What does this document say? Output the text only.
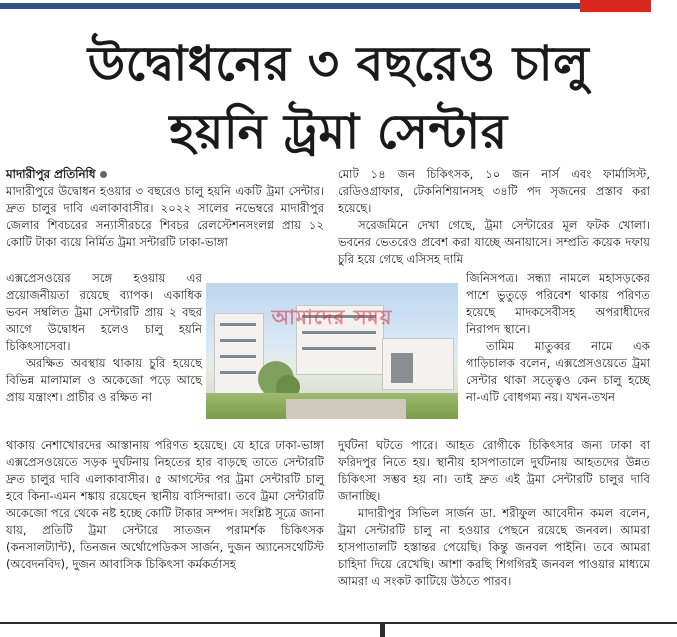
উদ্বোধনের ৩ বছরেও চালু
হয়নি ট্রমা সেন্টার

মাদারীপুর প্রতিনিধি

মাদারীপুরে উদ্বোধন হওয়ার ৩ বছরেও চালু হয়নি একটি ট্রমা সেন্টার। দ্রুত চালুর দাবি এলাকাবাসীর। ২০২২ সালের নভেম্বরে মাদারীপুর জেলার শিবচরের সন্যাসীরচরে শিবচর রেলস্টেশনসংলগ্ন প্রায় ১২ কোটি টাকা ব্যয়ে নির্মিত ট্রমা সন্টারটি ঢাকা-ভাঙ্গা

এক্সপ্রেসওয়ের সঙ্গে হওয়ায় এর প্রয়োজনীয়তা রয়েছে ব্যাপক। একাধিক ভবন সম্বলিত ট্রমা সেন্টারটি প্রায় ২ বছর আগে উদ্বোধন হলেও চালু হয়নি চিকিৎসাসেবা।

অরক্ষিত অবস্থায় থাকায় চুরি হয়েছে বিভিন্ন মালামাল ও অকেজো পড়ে আছে প্রায় যন্ত্রাংশ। প্রাচীর ও রক্ষিত না

মোট ১৪ জন চিকিৎসক, ১০ জন নার্স এবং ফার্মাসিস্ট, রেডিওগ্রাফার, টেকনিশিয়ানসহ ৩৪টি পদ সৃজনের প্রস্তাব করা হয়েছে।

সরেজমিনে দেখা গেছে, ট্রমা সেন্টারের মূল ফটক খোলা। ভবনের ভেতরেও প্রবেশ করা যাচ্ছে অনায়াসে। সম্প্রতি কয়েক দফায় চুরি হয়ে গেছে এসিসহ দামি

জিনিসপত্র। সন্ধ্যা নামলে মহাসড়কের পাশে ভুতুড়ে পরিবেশ থাকায় পরিণত হয়েছে মাদকসেবীসহ অপরাধীদের নিরাপদ স্থানে।

তামিম মাতুব্বর নামে এক গাড়িচালক বলেন, এক্সপ্রেসওয়েতে ট্রমা সেন্টার থাকা সত্ত্বেও কেন চালু হচ্ছে না-এটি বোধগম্য নয়। যখন-তখন

আমাদের সময়

থাকায় নেশাখোরদের আস্তানায় পরিণত হয়েছে। যে হারে ঢাকা-ভাঙ্গা এক্সপ্রেসওয়েতে সড়ক দুর্ঘটনায় নিহতের হার বাড়ছে তাতে সেন্টারটি দ্রুত চালুর দাবি এলাকাবাসীর। ৫ আগস্টের পর ট্রমা সেন্টারটি চালু হবে কিনা-এমন শঙ্কায় রয়েছেন স্থানীয় বাসিন্দারা। তবে ট্রমা সেন্টারটি অকেজো পরে থেকে নষ্ট হচ্ছে কোটি টাকার সম্পদ। সংশ্লিষ্ট সূত্রে জানা যায়, প্রতিটি ট্রমা সেন্টারে সাতজন পরামর্শক চিকিৎসক (কনসালট্যান্ট), তিনজন অর্থোপেডিকস সার্জন, দুজন অ্যানেসথেটিস্ট (অবেদনবিদ), দুজন আবাসিক চিকিৎসা কর্মকর্তাসহ

দুর্ঘটনা ঘটতে পারে। আহত রোগীকে চিকিৎসার জন্য ঢাকা বা ফরিদপুর নিতে হয়। স্থানীয় হাসপাতালে দুর্ঘটনায় আহতদের উন্নত চিকিৎসা সম্ভব হয় না। তাই দ্রুত এই ট্রমা সেন্টারটি চালুর দাবি জানাচ্ছি।

মাদারীপুর সিভিল সার্জন ডা. শরীফুল আবেদীন কমল বলেন, ট্রমা সেন্টারটি চালু না হওয়ার পেছনে রয়েছে জনবল। আমরা হাসপাতালটি হস্তান্তর পেয়েছি। কিন্তু জনবল পাইনি। তবে আমরা চাহিদা দিয়ে রেখেছি। আশা করছি শিগগিরই জনবল পাওয়ার মাধ্যমে আমরা এ সংকট কাটিয়ে উঠতে পারব।
